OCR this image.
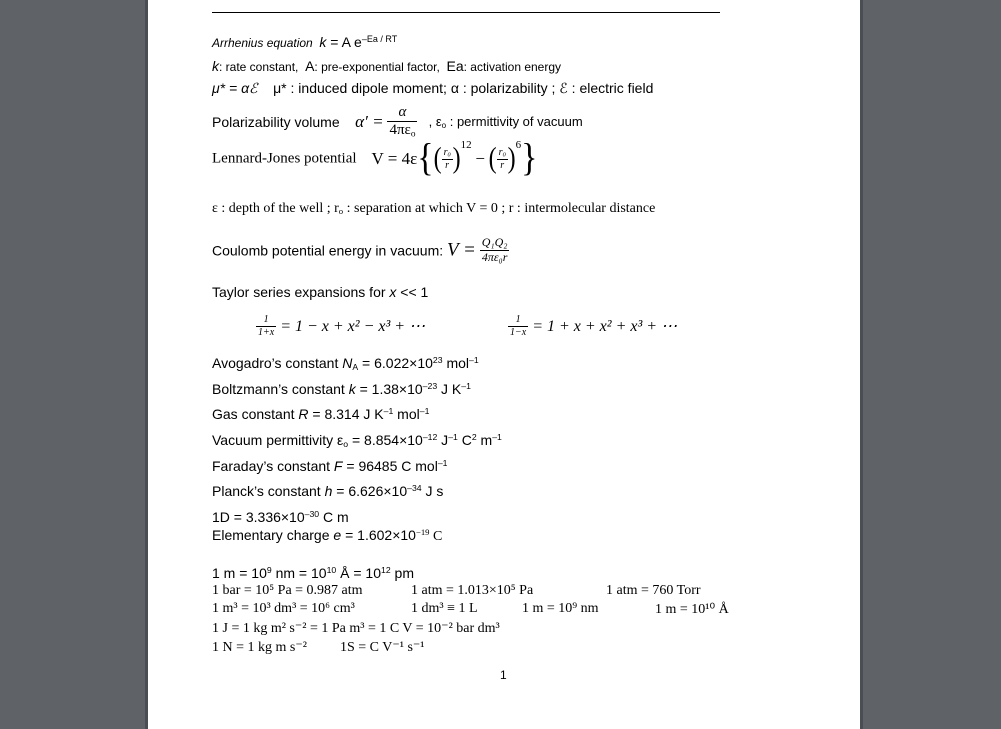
Arrhenius equation k = A $e^{-Ea / RT}$
k: rate constant, A: pre-exponential factor, Ea: activation energy
μ* = αℰ μ* : induced dipole moment; α : polarizability ; ℰ : electric field
Polarizability volume $\alpha' = \frac{\alpha}{4\pi\varepsilon_o}$ , $\varepsilon_o$ : permittivity of vacuum
Lennard-Jones potential $V = 4\varepsilon\{( \frac{r_0}{r} )^{12}$ − ( $\frac{r_0}{r} )^6$}
ε : depth of the well ; $r_o$ : separation at which V = 0 ; r : intermolecular distance
Coulomb potential energy in vacuum: $V = \frac{\text{Q₁Q₂}}{\text{4πε₀r}}$
Taylor series expansions for x << 1
$\frac{1}{1+x} = 1 - x + x^2 - x^3$ + ⋯	$\frac{1}{1-x} = 1 + x + x^2 + x^3$ + ⋯
Avogadro’s constant $N_A = 6.022\times 10^{23}$ mol$^{-1}$
Boltzmann’s constant $k = 1.38\times 10^{-23}$ J $K^{-1}$
Gas constant R = 8.314 J $K^{-1}$ mol$^{-1}$
Vacuum permittivity $\varepsilon_o = 8.854\times 10^{-12}$ $J^{-1}$ $C^2$ $m^{-1}$
Faraday’s constant F = 96485 C mol$^{-1}$
Planck’s constant $h = 6.626\times 10^{-34}$ J s
$1D = 3.336\times 10^{-30}$ C m
Elementary charge $e = 1.602\times 10^{-19}$ C
1 $m = 10^9$ nm = $10^{10}$ Å = $10^{12}$ pm
1 bar = 10⁵ Pa = 0.987 atm	1 atm = 1.013×10⁵ Pa	1 atm = 760 Torr
1 m³ = 10³ dm³ = 10⁶ cm³	1 dm³ ≡ 1 L	1 m = 10⁹ nm	1 m = 10¹⁰ Å
1 J = 1 kg m² s⁻² = 1 Pa m³ = 1 C V = 10⁻² bar dm³
1 N = 1 kg m s⁻² 1S = C V⁻¹ s⁻¹
1
